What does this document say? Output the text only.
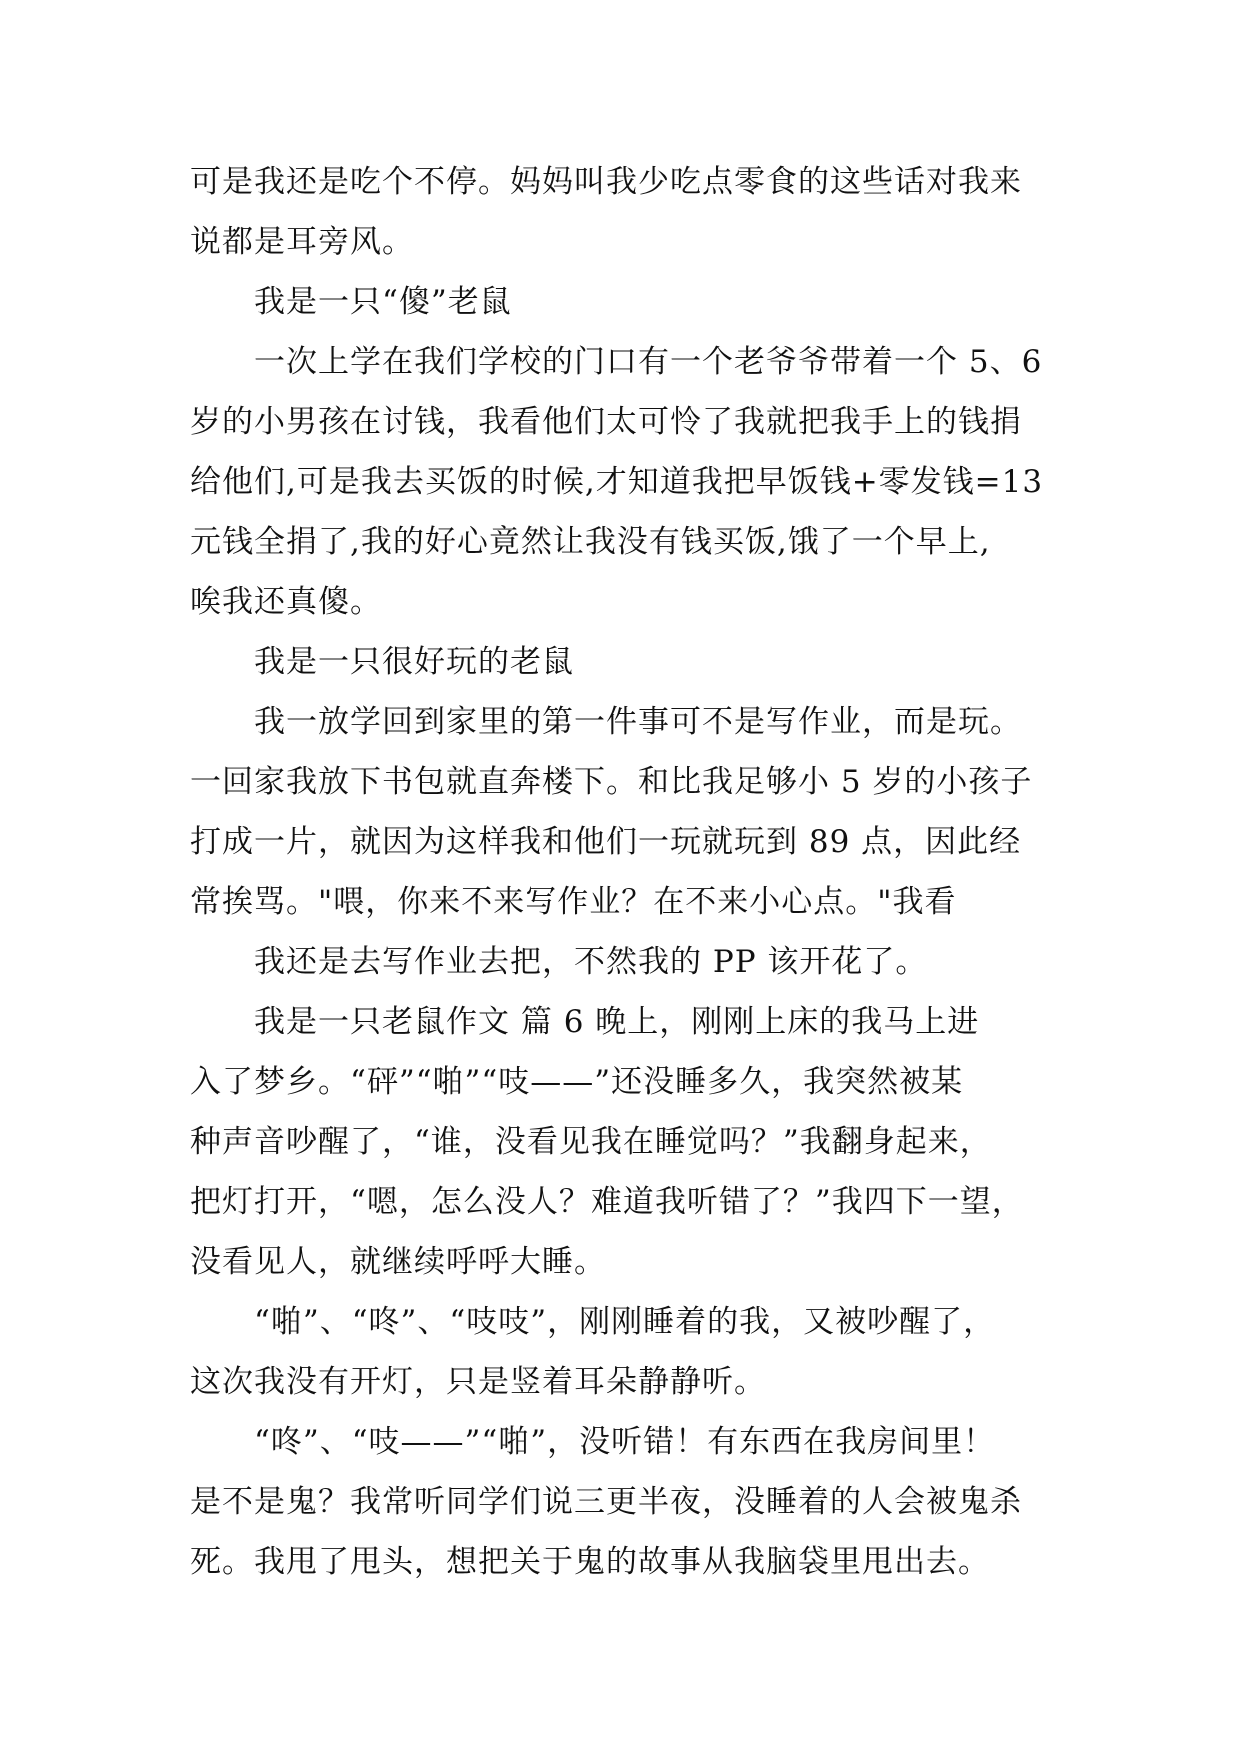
可是我还是吃个不停。妈妈叫我少吃点零食的这些话对我来
说都是耳旁风。
我是一只“傻”老鼠
一次上学在我们学校的门口有一个老爷爷带着一个 5、6
岁的小男孩在讨钱，我看他们太可怜了我就把我手上的钱捐
给他们,可是我去买饭的时候,才知道我把早饭钱+零发钱=13
元钱全捐了,我的好心竟然让我没有钱买饭,饿了一个早上,
唉我还真傻。
我是一只很好玩的老鼠
我一放学回到家里的第一件事可不是写作业，而是玩。
一回家我放下书包就直奔楼下。和比我足够小 5 岁的小孩子
打成一片，就因为这样我和他们一玩就玩到 89 点，因此经
常挨骂。"喂，你来不来写作业？在不来小心点。"我看
我还是去写作业去把，不然我的 PP 该开花了。
我是一只老鼠作文 篇 6 晚上，刚刚上床的我马上进
入了梦乡。“砰”“啪”“吱——”还没睡多久，我突然被某
种声音吵醒了，“谁，没看见我在睡觉吗？”我翻身起来，
把灯打开，“嗯，怎么没人？难道我听错了？”我四下一望，
没看见人，就继续呼呼大睡。
“啪”、“咚”、“吱吱”，刚刚睡着的我，又被吵醒了，
这次我没有开灯，只是竖着耳朵静静听。
“咚”、“吱——”“啪”，没听错！有东西在我房间里！
是不是鬼？我常听同学们说三更半夜，没睡着的人会被鬼杀
死。我甩了甩头，想把关于鬼的故事从我脑袋里甩出去。
